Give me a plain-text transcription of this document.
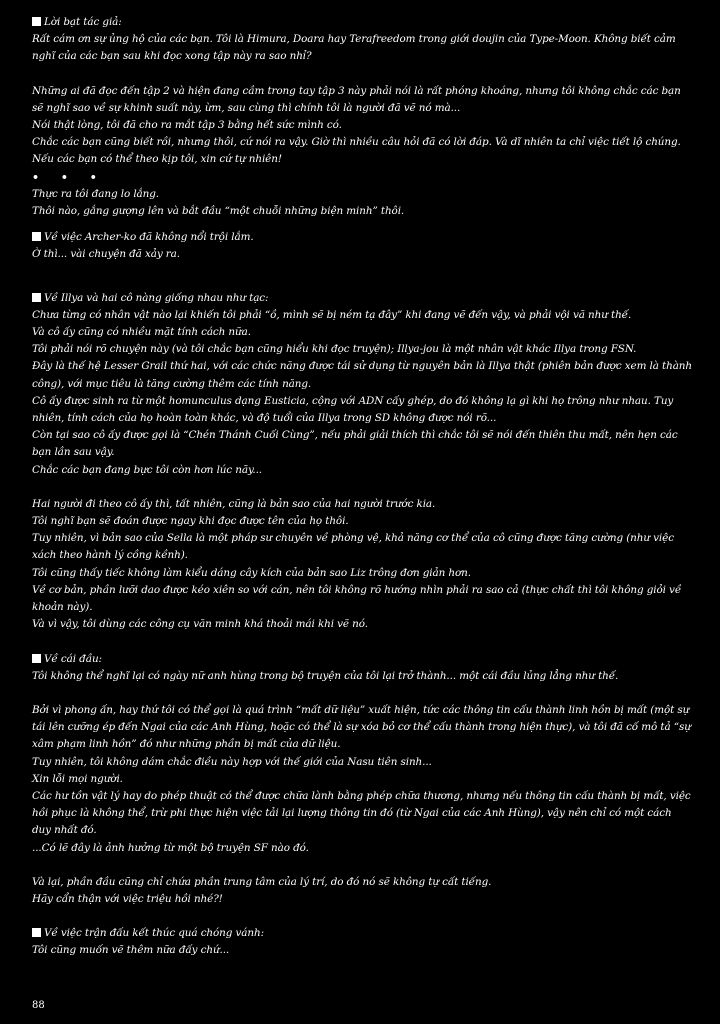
Lời bạt tác giả:

Rất cám ơn sự ủng hộ của các bạn. Tôi là Himura, Doara hay Terafreedom trong giới doujin của Type-Moon. Không biết cảm nghĩ của các bạn sau khi đọc xong tập này ra sao nhỉ?

Những ai đã đọc đến tập 2 và hiện đang cầm trong tay tập 3 này phải nói là rất phóng khoáng, nhưng tôi không chắc các bạn sẽ nghĩ sao về sự khinh suất này, ừm, sau cùng thì chính tôi là người đã vẽ nó mà...

Nói thật lòng, tôi đã cho ra mắt tập 3 bằng hết sức mình có.

Chắc các bạn cũng biết rồi, nhưng thôi, cứ nói ra vậy. Giờ thì nhiều câu hỏi đã có lời đáp. Và dĩ nhiên ta chỉ việc tiết lộ chúng.

Nếu các bạn có thể theo kịp tôi, xin cứ tự nhiên!

• • •

Thực ra tôi đang lo lắng.

Thôi nào, gắng gượng lên và bắt đầu “một chuỗi những biện minh” thôi.

Về việc Archer-ko đã không nổi trội lắm.

Ờ thì... vài chuyện đã xảy ra.

Về Illya và hai cô nàng giống nhau như tạc:

Chưa từng có nhân vật nào lại khiến tôi phải “ồ, mình sẽ bị ném tạ đây” khi đang vẽ đến vậy, và phải vội vã như thế.

Và cô ấy cũng có nhiều mặt tính cách nữa.

Tôi phải nói rõ chuyện này (và tôi chắc bạn cũng hiểu khi đọc truyện); Illya-jou là một nhân vật khác Illya trong FSN.

Đây là thế hệ Lesser Grail thứ hai, với các chức năng được tái sử dụng từ nguyên bản là Illya thật (phiên bản được xem là thành công), với mục tiêu là tăng cường thêm các tính năng.

Cô ấy được sinh ra từ một homunculus dạng Eusticia, cộng với ADN cấy ghép, do đó không lạ gì khi họ trông như nhau. Tuy nhiên, tính cách của họ hoàn toàn khác, và độ tuổi của Illya trong SD không được nói rõ...

Còn tại sao cô ấy được gọi là “Chén Thánh Cuối Cùng”, nếu phải giải thích thì chắc tôi sẽ nói đến thiên thu mất, nên hẹn các bạn lần sau vậy.

Chắc các bạn đang bực tôi còn hơn lúc nãy...

Hai người đi theo cô ấy thì, tất nhiên, cũng là bản sao của hai người trước kia.

Tôi nghĩ bạn sẽ đoán được ngay khi đọc được tên của họ thôi.

Tuy nhiên, vì bản sao của Sella là một pháp sư chuyên về phòng vệ, khả năng cơ thể của cô cũng được tăng cường (như việc xách theo hành lý cồng kềnh).

Tôi cũng thấy tiếc không làm kiểu dáng cây kích của bản sao Liz trông đơn giản hơn.

Về cơ bản, phần lưỡi dao được kéo xiên so với cán, nên tôi không rõ hướng nhìn phải ra sao cả (thực chất thì tôi không giỏi về khoản này).

Và vì vậy, tôi dùng các công cụ văn minh khá thoải mái khi vẽ nó.

Về cái đầu:

Tôi không thể nghĩ lại có ngày nữ anh hùng trong bộ truyện của tôi lại trở thành... một cái đầu lủng lẳng như thế.

Bởi vì phong ấn, hay thứ tôi có thể gọi là quá trình “mất dữ liệu” xuất hiện, tức các thông tin cấu thành linh hồn bị mất (một sự tái lên cưỡng ép đến Ngai của các Anh Hùng, hoặc có thể là sự xóa bỏ cơ thể cấu thành trong hiện thực), và tôi đã cố mô tả “sự xâm phạm linh hồn” đó như những phần bị mất của dữ liệu.

Tuy nhiên, tôi không dám chắc điều này hợp với thế giới của Nasu tiên sinh...

Xin lỗi mọi người.

Các hư tồn vật lý hay do phép thuật có thể được chữa lành bằng phép chữa thương, nhưng nếu thông tin cấu thành bị mất, việc hồi phục là không thể, trừ phi thực hiện việc tải lại lượng thông tin đó (từ Ngai của các Anh Hùng), vậy nên chỉ có một cách duy nhất đó.

...Có lẽ đây là ảnh hưởng từ một bộ truyện SF nào đó.

Và lại, phần đầu cũng chỉ chứa phần trung tâm của lý trí, do đó nó sẽ không tự cất tiếng.

Hãy cẩn thận với việc triệu hồi nhé?!

Về việc trận đấu kết thúc quá chóng vánh:

Tôi cũng muốn vẽ thêm nữa đấy chứ...

88
